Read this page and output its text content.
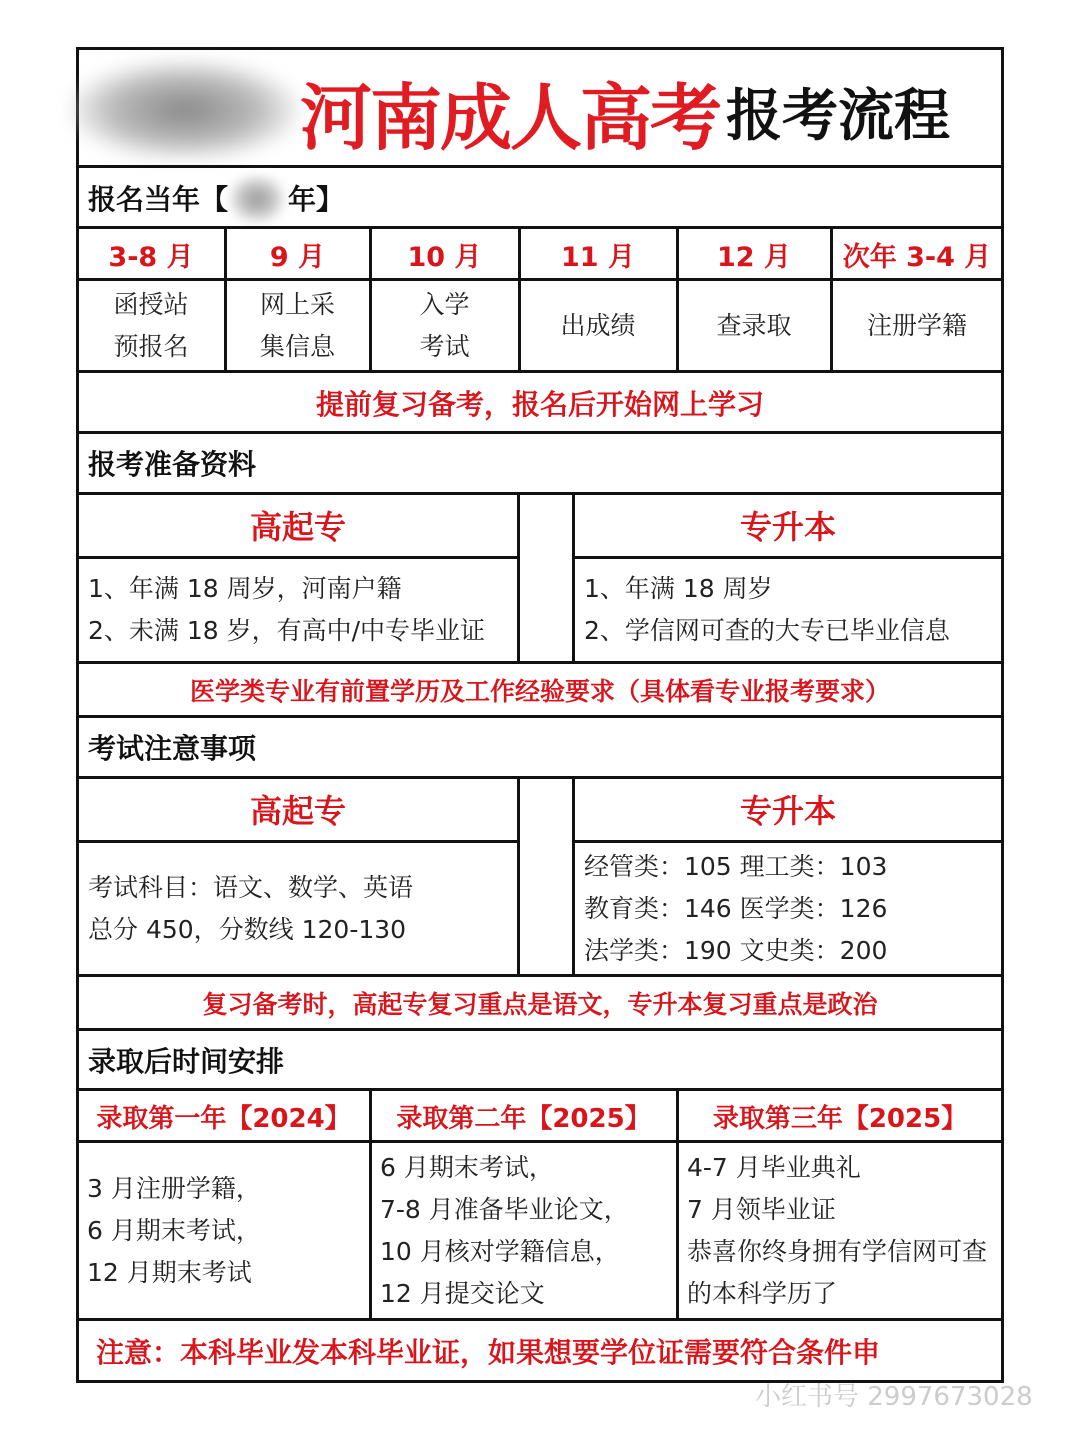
河南成人高考 报考流程
报名当年【 年】
3-8 月
函授站
预报名
9 月
网上采
集信息
10 月
入学
考试
11 月
出成绩
12 月
查录取
次年 3-4 月
注册学籍
提前复习备考，报名后开始网上学习
报考准备资料
高起专	专升本
1、年满 18 周岁，河南户籍
2、未满 18 岁，有高中/中专毕业证
1、年满 18 周岁
2、学信网可查的大专已毕业信息
医学类专业有前置学历及工作经验要求（具体看专业报考要求）
考试注意事项
高起专	专升本
考试科目：语文、数学、英语
总分 450，分数线 120-130
经管类：105 理工类：103
教育类：146 医学类：126
法学类：190 文史类：200
复习备考时，高起专复习重点是语文，专升本复习重点是政治
录取后时间安排
录取第一年【2024】
3 月注册学籍，
6 月期末考试，
12 月期末考试
录取第二年【2025】
6 月期末考试，
7-8 月准备毕业论文，
10 月核对学籍信息，
12 月提交论文
录取第三年【2025】
4-7 月毕业典礼
7 月领毕业证
恭喜你终身拥有学信网可查
的本科学历了
注意：本科毕业发本科毕业证，如果想要学位证需要符合条件申
小红书号 2997673028
